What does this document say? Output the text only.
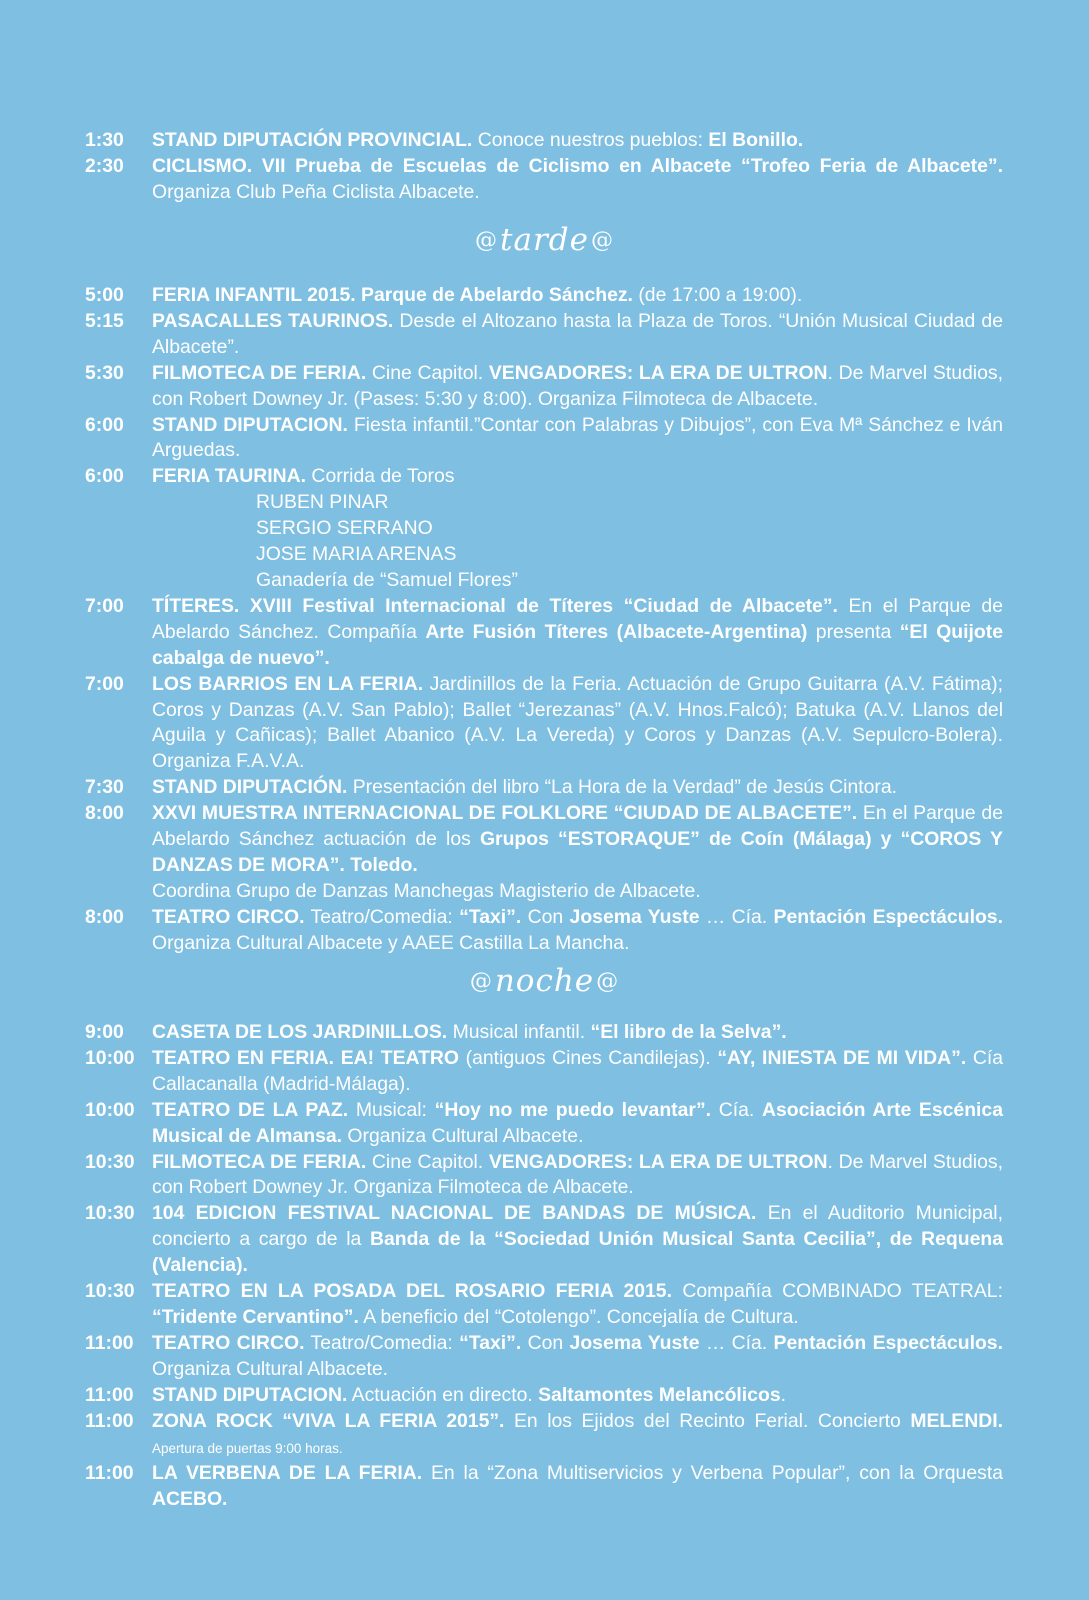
1:30	STAND DIPUTACIÓN PROVINCIAL. Conoce nuestros pueblos: El Bonillo.
2:30	CICLISMO. VII Prueba de Escuelas de Ciclismo en Albacete “Trofeo Feria de Albacete”. Organiza Club Peña Ciclista Albacete.
@tarde@
5:00	FERIA INFANTIL 2015. Parque de Abelardo Sánchez. (de 17:00 a 19:00).
5:15	PASACALLES TAURINOS. Desde el Altozano hasta la Plaza de Toros. “Unión Musical Ciudad de Albacete”.
5:30	FILMOTECA DE FERIA. Cine Capitol. VENGADORES: LA ERA DE ULTRON. De Marvel Studios, con Robert Downey Jr. (Pases: 5:30 y 8:00). Organiza Filmoteca de Albacete.
6:00	STAND DIPUTACION. Fiesta infantil.”Contar con Palabras y Dibujos”, con Eva Mª Sánchez e Iván Arguedas.
6:00	FERIA TAURINA. Corrida de Toros
RUBEN PINAR
SERGIO SERRANO
JOSE MARIA ARENAS
Ganadería de “Samuel Flores”
7:00	TÍTERES. XVIII Festival Internacional de Títeres “Ciudad de Albacete”. En el Parque de Abelardo Sánchez. Compañía Arte Fusión Títeres (Albacete-Argentina) presenta “El Quijote cabalga de nuevo”.
7:00	LOS BARRIOS EN LA FERIA. Jardinillos de la Feria. Actuación de Grupo Guitarra (A.V. Fátima); Coros y Danzas (A.V. San Pablo); Ballet “Jerezanas” (A.V. Hnos.Falcó); Batuka (A.V. Llanos del Aguila y Cañicas); Ballet Abanico (A.V. La Vereda) y Coros y Danzas (A.V. Sepulcro-Bolera). Organiza F.A.V.A.
7:30	STAND DIPUTACIÓN. Presentación del libro “La Hora de la Verdad” de Jesús Cintora.
8:00	XXVI MUESTRA INTERNACIONAL DE FOLKLORE “CIUDAD DE ALBACETE”. En el Parque de Abelardo Sánchez actuación de los Grupos “ESTORAQUE” de Coín (Málaga) y “COROS Y DANZAS DE MORA”. Toledo.
Coordina Grupo de Danzas Manchegas Magisterio de Albacete.
8:00	TEATRO CIRCO. Teatro/Comedia: “Taxi”. Con Josema Yuste … Cía. Pentación Espectáculos. Organiza Cultural Albacete y AAEE Castilla La Mancha.
@noche@
9:00	CASETA DE LOS JARDINILLOS. Musical infantil. “El libro de la Selva”.
10:00 TEATRO EN FERIA. EA! TEATRO (antiguos Cines Candilejas). “AY, INIESTA DE MI VIDA”. Cía Callacanalla (Madrid-Málaga).
10:00 TEATRO DE LA PAZ. Musical: “Hoy no me puedo levantar”. Cía. Asociación Arte Escénica Musical de Almansa. Organiza Cultural Albacete.
10:30 FILMOTECA DE FERIA. Cine Capitol. VENGADORES: LA ERA DE ULTRON. De Marvel Studios, con Robert Downey Jr. Organiza Filmoteca de Albacete.
10:30 104 EDICION FESTIVAL NACIONAL DE BANDAS DE MÚSICA. En el Auditorio Municipal, concierto a cargo de la Banda de la “Sociedad Unión Musical Santa Cecilia”, de Requena (Valencia).
10:30 TEATRO EN LA POSADA DEL ROSARIO FERIA 2015. Compañía COMBINADO TEATRAL: “Tridente Cervantino”. A beneficio del “Cotolengo”. Concejalía de Cultura.
11:00 TEATRO CIRCO. Teatro/Comedia: “Taxi”. Con Josema Yuste … Cía. Pentación Espectáculos. Organiza Cultural Albacete.
11:00 STAND DIPUTACION. Actuación en directo. Saltamontes Melancólicos.
11:00 ZONA ROCK “VIVA LA FERIA 2015”. En los Ejidos del Recinto Ferial. Concierto MELENDI. Apertura de puertas 9:00 horas.
11:00 LA VERBENA DE LA FERIA. En la “Zona Multiservicios y Verbena Popular”, con la Orquesta ACEBO.
